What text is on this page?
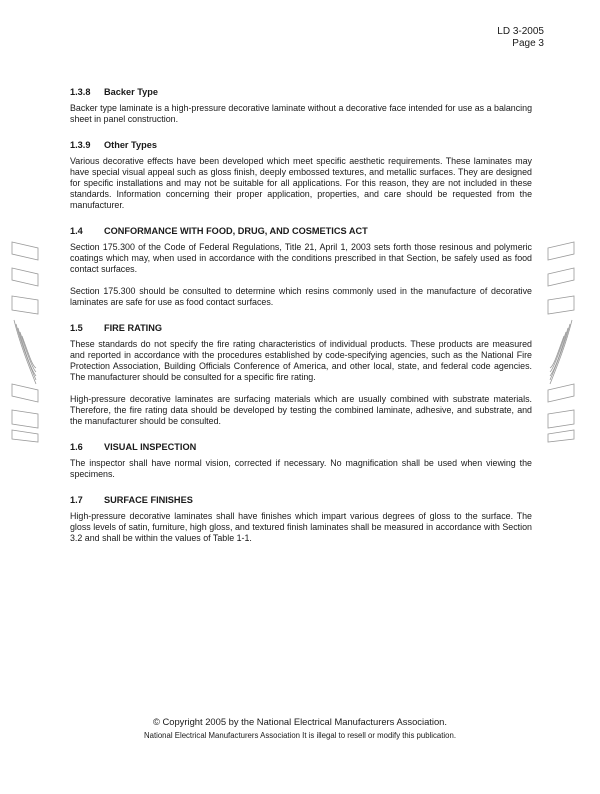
LD 3-2005
Page 3
1.3.8	Backer Type

Backer type laminate is a high-pressure decorative laminate without a decorative face intended for use as a balancing sheet in panel construction.

1.3.9	Other Types

Various decorative effects have been developed which meet specific aesthetic requirements. These laminates may have special visual appeal such as gloss finish, deeply embossed textures, and metallic surfaces. They are designed for specific installations and may not be suitable for all applications. For this reason, they are not included in these standards. Information concerning their proper application, properties, and care should be requested from the manufacturer.

1.4	CONFORMANCE WITH FOOD, DRUG, AND COSMETICS ACT

Section 175.300 of the Code of Federal Regulations, Title 21, April 1, 2003 sets forth those resinous and polymeric coatings which may, when used in accordance with the conditions prescribed in that Section, be safely used as food contact surfaces.

Section 175.300 should be consulted to determine which resins commonly used in the manufacture of decorative laminates are safe for use as food contact surfaces.

1.5	FIRE RATING

These standards do not specify the fire rating characteristics of individual products. These products are measured and reported in accordance with the procedures established by code-specifying agencies, such as the National Fire Protection Association, Building Officials Conference of America, and other local, state, and federal code agencies. The manufacturer should be consulted for a specific fire rating.

High-pressure decorative laminates are surfacing materials which are usually combined with substrate materials. Therefore, the fire rating data should be developed by testing the combined laminate, adhesive, and substrate, and the manufacturer should be consulted.

1.6	VISUAL INSPECTION

The inspector shall have normal vision, corrected if necessary. No magnification shall be used when viewing the specimens.

1.7	SURFACE FINISHES

High-pressure decorative laminates shall have finishes which impart various degrees of gloss to the surface. The gloss levels of satin, furniture, high gloss, and textured finish laminates shall be measured in accordance with Section 3.2 and shall be within the values of Table 1-1.

© Copyright 2005 by the National Electrical Manufacturers Association.
National Electrical Manufacturers Association It is illegal to resell or modify this publication.
